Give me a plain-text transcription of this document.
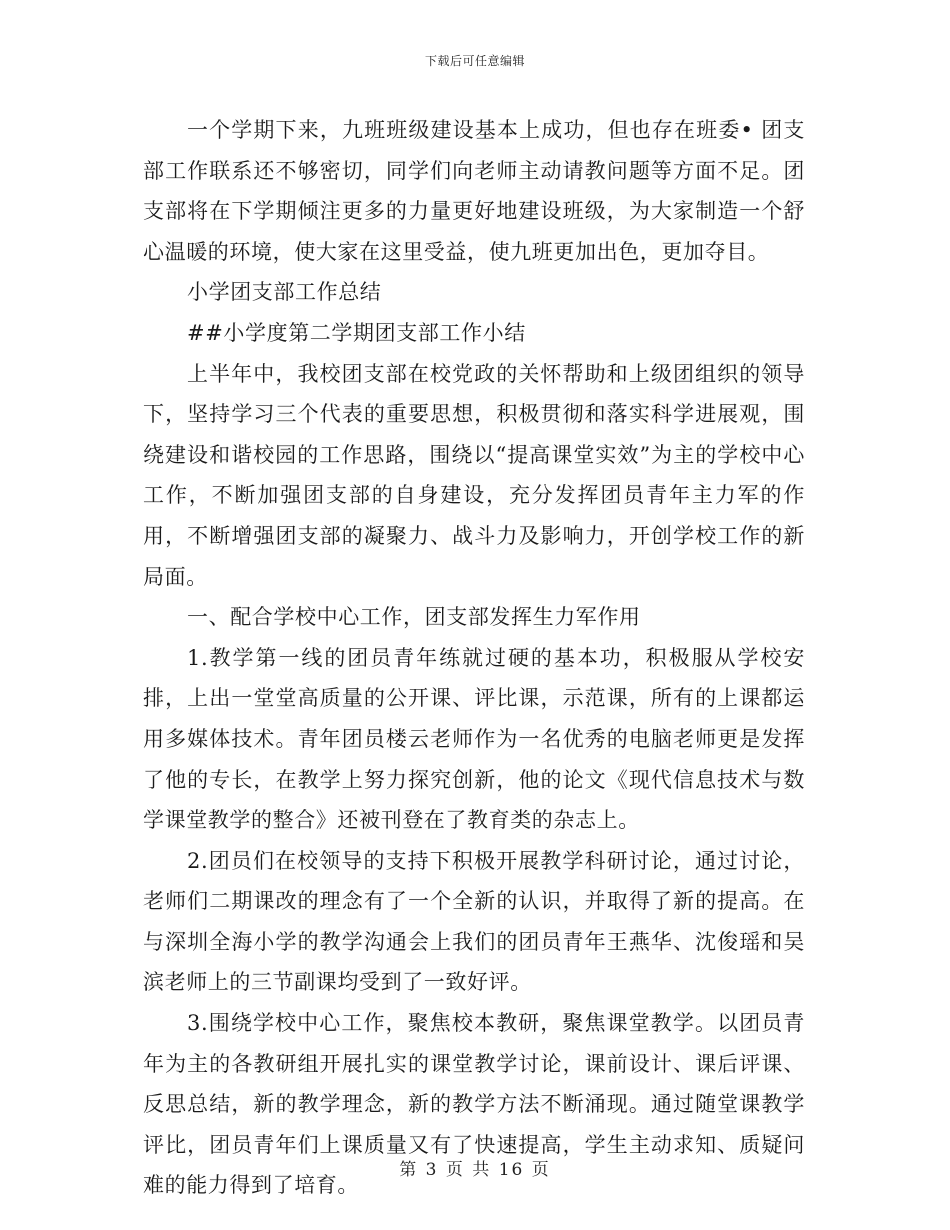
下载后可任意编辑

一个学期下来，九班班级建设基本上成功，但也存在班委• 团支部工作联系还不够密切，同学们向老师主动请教问题等方面不足。团支部将在下学期倾注更多的力量更好地建设班级，为大家制造一个舒心温暖的环境，使大家在这里受益，使九班更加出色，更加夺目。

小学团支部工作总结

##小学度第二学期团支部工作小结

上半年中，我校团支部在校党政的关怀帮助和上级团组织的领导下，坚持学习三个代表的重要思想，积极贯彻和落实科学进展观，围绕建设和谐校园的工作思路，围绕以“提高课堂实效”为主的学校中心工作，不断加强团支部的自身建设，充分发挥团员青年主力军的作用，不断增强团支部的凝聚力、战斗力及影响力，开创学校工作的新局面。

一、配合学校中心工作，团支部发挥生力军作用

1.教学第一线的团员青年练就过硬的基本功，积极服从学校安排，上出一堂堂高质量的公开课、评比课，示范课，所有的上课都运用多媒体技术。青年团员楼云老师作为一名优秀的电脑老师更是发挥了他的专长，在教学上努力探究创新，他的论文《现代信息技术与数学课堂教学的整合》还被刊登在了教育类的杂志上。

2.团员们在校领导的支持下积极开展教学科研讨论，通过讨论，老师们二期课改的理念有了一个全新的认识，并取得了新的提高。在与深圳全海小学的教学沟通会上我们的团员青年王燕华、沈俊瑶和吴滨老师上的三节副课均受到了一致好评。

3.围绕学校中心工作，聚焦校本教研，聚焦课堂教学。以团员青年为主的各教研组开展扎实的课堂教学讨论，课前设计、课后评课、反思总结，新的教学理念，新的教学方法不断涌现。通过随堂课教学评比，团员青年们上课质量又有了快速提高，学生主动求知、质疑问难的能力得到了培育。

第 3 页 共 16 页
